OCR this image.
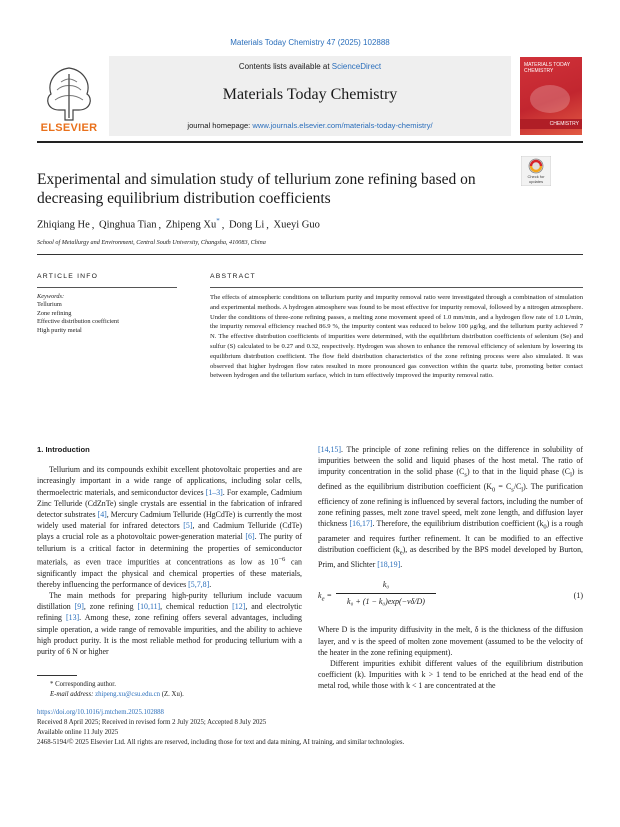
Materials Today Chemistry 47 (2025) 102888
ELSEVIER
Contents lists available at ScienceDirect
Materials Today Chemistry
journal homepage: www.journals.elsevier.com/materials-today-chemistry/
MATERIALS TODAY CHEMISTRY
CHEMISTRY
Experimental and simulation study of tellurium zone refining based on decreasing equilibrium distribution coefficients
Check for updates
Zhiqiang He , Qinghua Tian , Zhipeng Xu* , Dong Li , Xueyi Guo
School of Metallurgy and Environment, Central South University, Changsha, 410083, China
ARTICLE INFO	ABSTRACT
Keywords:
Tellurium
Zone refining
Effective distribution coefficient
High purity metal
The effects of atmospheric conditions on tellurium purity and impurity removal ratio were investigated through a combination of simulation and experimental methods. A hydrogen atmosphere was found to be most effective for impurity removal, followed by a nitrogen atmosphere. Under the conditions of three-zone refining passes, a melting zone movement speed of 1.0 mm/min, and a hydrogen flow rate of 1.0 L/min, the impurity removal efficiency reached 86.9 %, the impurity content was reduced to below 100 μg/kg, and the tellurium purity achieved 7 N. The effective distribution coefficients of impurities were determined, with the equilibrium distribution coefficients of selenium (Se) and sulfur (S) calculated to be 0.27 and 0.32, respectively. Hydrogen was shown to enhance the removal efficiency of selenium by lowering its equilibrium distribution coefficient. The flow field distribution characteristics of the zone refining process were also simulated. It was observed that higher hydrogen flow rates resulted in more pronounced gas convection within the quartz tube, promoting better contact between hydrogen and the tellurium surface, which in turn effectively improved the impurity removal ratio.
1. Introduction

Tellurium and its compounds exhibit excellent photovoltaic properties and are increasingly important in a wide range of applications, including solar cells, thermoelectric materials, and semiconductor devices [1–3]. For example, Cadmium Zinc Telluride (CdZnTe) single crystals are essential in the fabrication of infrared detector substrates [4], Mercury Cadmium Telluride (HgCdTe) is currently the most widely used material for infrared detectors [5], and Cadmium Telluride (CdTe) plays a crucial role as a photovoltaic power-generation material [6]. The purity of tellurium is a critical factor in determining the properties of semiconductor materials, as even trace impurities at concentrations as low as $10^{-6}$ can significantly impact the physical and chemical properties of these materials, thereby influencing the performance of devices [5,7,8].

The main methods for preparing high-purity tellurium include vacuum distillation [9], zone refining [10,11], chemical reduction [12], and electrolytic refining [13]. Among these, zone refining offers several advantages, including simple operation, a wide range of removable impurities, and the ability to achieve high product purity. It is the most reliable method for producing tellurium with a purity of 6 N or higher

[14,15]. The principle of zone refining relies on the difference in solubility of impurities between the solid and liquid phases of the host metal. The ratio of impurity concentration in the solid phase $(C_s)$ to that in the liquid phase $(C_l)$ is defined as the equilibrium distribution coefficient $(K_0 = C_s/C_l)$. The purification efficiency of zone refining is influenced by several factors, including the number of zone refining passes, melt zone travel speed, melt zone length, and diffusion layer thickness [16,17]. Therefore, the equilibrium distribution coefficient $(k_0)$ is a rough parameter and requires further refinement. It can be modified to an effective distribution coefficient $(k_e)$, as described by the BPS model developed by Burton, Prim, and Slichter [18,19].

$k_e = \frac{\text{k₀}}{\text{k₀ + (1 − k₀)exp(−vδ/D)}}$	(1)

Where D is the impurity diffusivity in the melt, δ is the thickness of the diffusion layer, and v is the speed of molten zone movement (assumed to be the velocity of the heater in the zone refining equipment).

Different impurities exhibit different values of the equilibrium distribution coefficient (k). Impurities with k > 1 tend to be enriched at the head end of the metal rod, while those with k < 1 are concentrated at the

* Corresponding author.
E-mail address: zhipeng.xu@csu.edu.cn (Z. Xu).
https://doi.org/10.1016/j.mtchem.2025.102888
Received 8 April 2025; Received in revised form 2 July 2025; Accepted 8 July 2025
Available online 11 July 2025
2468-5194/© 2025 Elsevier Ltd. All rights are reserved, including those for text and data mining, AI training, and similar technologies.
